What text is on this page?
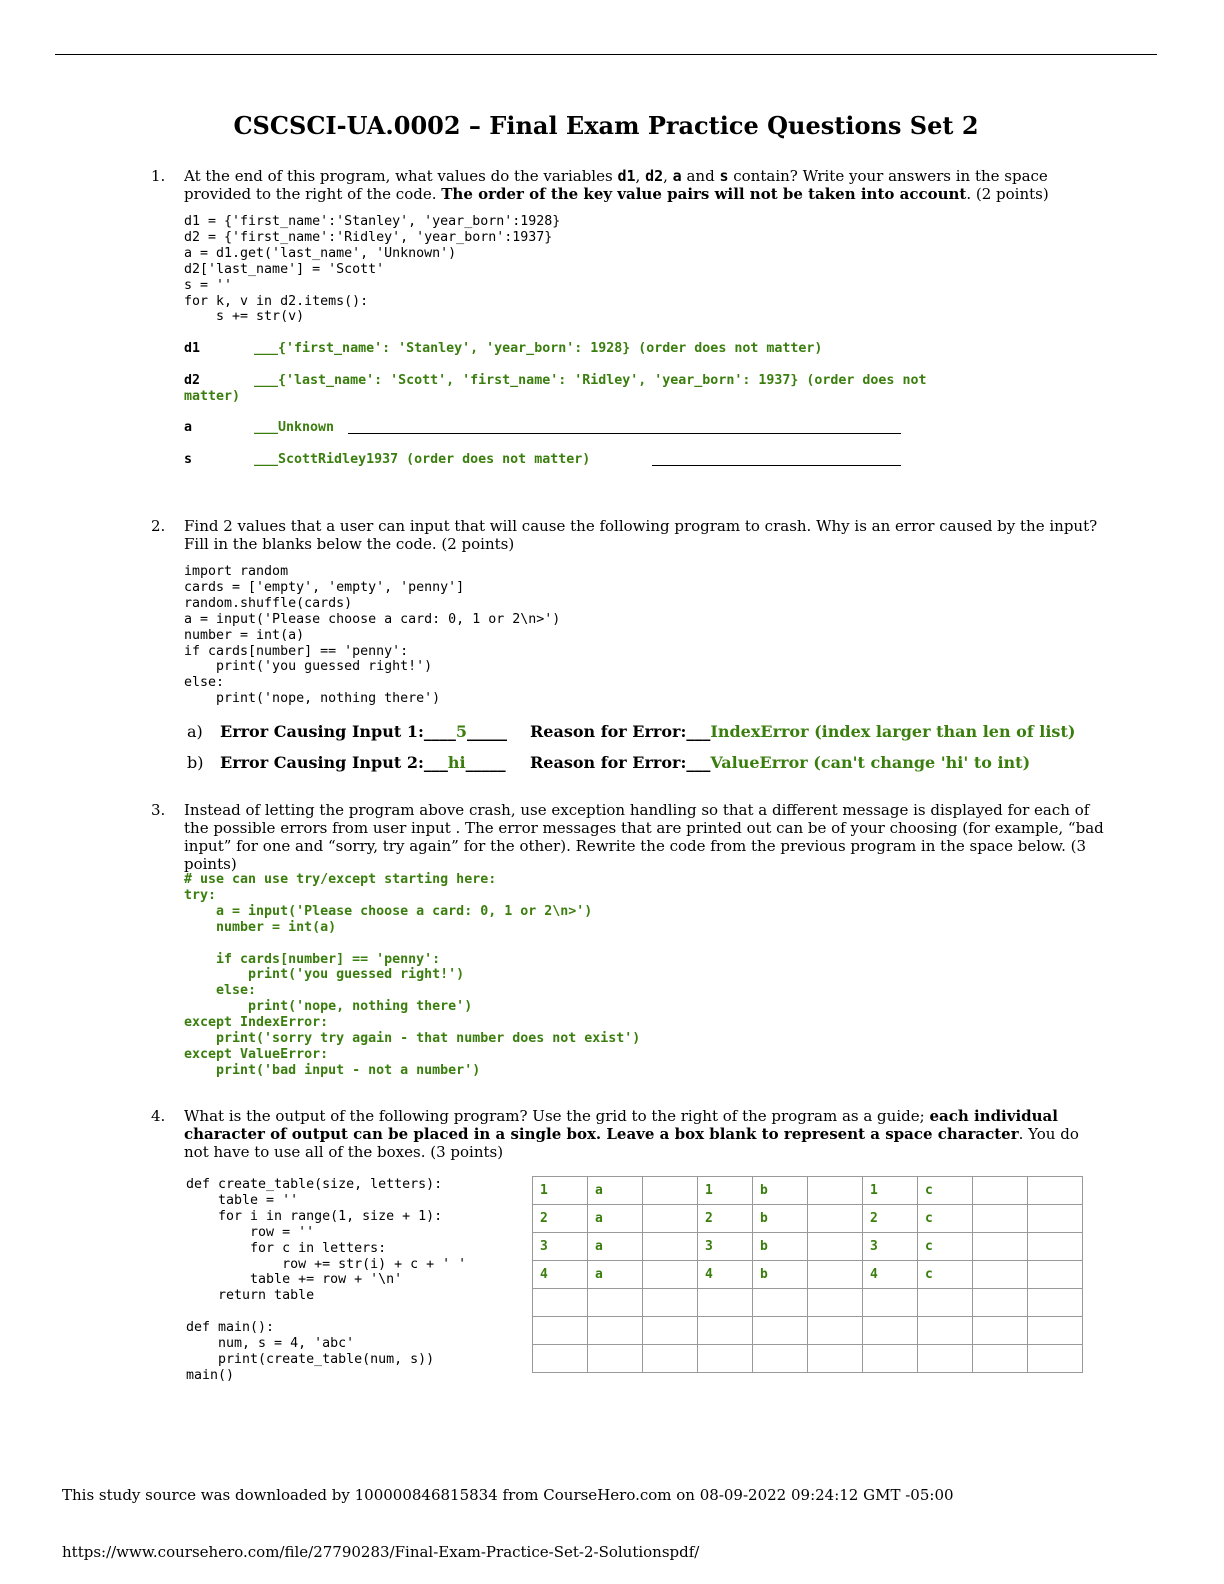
CSCSCI-UA.0002 – Final Exam Practice Questions Set 2
1. At the end of this program, what values do the variables d1, d2, a and s contain? Write your answers in the space provided to the right of the code. The order of the key value pairs will not be taken into account. (2 points)
d1 = {'first_name':'Stanley', 'year_born':1928}
d2 = {'first_name':'Ridley', 'year_born':1937}
a = d1.get('last_name', 'Unknown')
d2['last_name'] = 'Scott'
s = ''
for k, v in d2.items():
s += str(v)
d1	___{'first_name': 'Stanley', 'year_born': 1928} (order does not matter)
d2	___{'last_name': 'Scott', 'first_name': 'Ridley', 'year_born': 1937} (order does not
matter)
a	___Unknown
s	___ScottRidley1937 (order does not matter)
2. Find 2 values that a user can input that will cause the following program to crash. Why is an error caused by the input? Fill in the blanks below the code. (2 points)
import random
cards = ['empty', 'empty', 'penny']
random.shuffle(cards)
a = input('Please choose a card: 0, 1 or 2\n>')
number = int(a)
if cards[number] == 'penny':
print('you guessed right!')
else:
print('nope, nothing there')
a) Error Causing Input 1:____5_____ Reason for Error:___IndexError (index larger than len of list)
b) Error Causing Input 2:___hi_____ Reason for Error:___ValueError (can't change 'hi' to int)
3. Instead of letting the program above crash, use exception handling so that a different message is displayed for each of the possible errors from user input . The error messages that are printed out can be of your choosing (for example, “bad input” for one and “sorry, try again” for the other). Rewrite the code from the previous program in the space below. (3 points)
# use can use try/except starting here:
try:
a = input('Please choose a card: 0, 1 or 2\n>')
number = int(a)

if cards[number] == 'penny':
print('you guessed right!')
else:
print('nope, nothing there')
except IndexError:
print('sorry try again - that number does not exist')
except ValueError:
print('bad input - not a number')
4. What is the output of the following program? Use the grid to the right of the program as a guide; each individual character of output can be placed in a single box. Leave a box blank to represent a space character. You do not have to use all of the boxes. (3 points)
def create_table(size, letters):
table = ''
for i in range(1, size + 1):
row = ''
for c in letters:
row += str(i) + c + ' '
table += row + '\n'
return table

def main():
num, s = 4, 'abc'
print(create_table(num, s))
main()
1	a		1	b		1	c		
2	a		2	b		2	c		
3	a		3	b		3	c		
4	a		4	b		4	c		

This study source was downloaded by 100000846815834 from CourseHero.com on 08-09-2022 09:24:12 GMT -05:00
https://www.coursehero.com/file/27790283/Final-Exam-Practice-Set-2-Solutionspdf/
